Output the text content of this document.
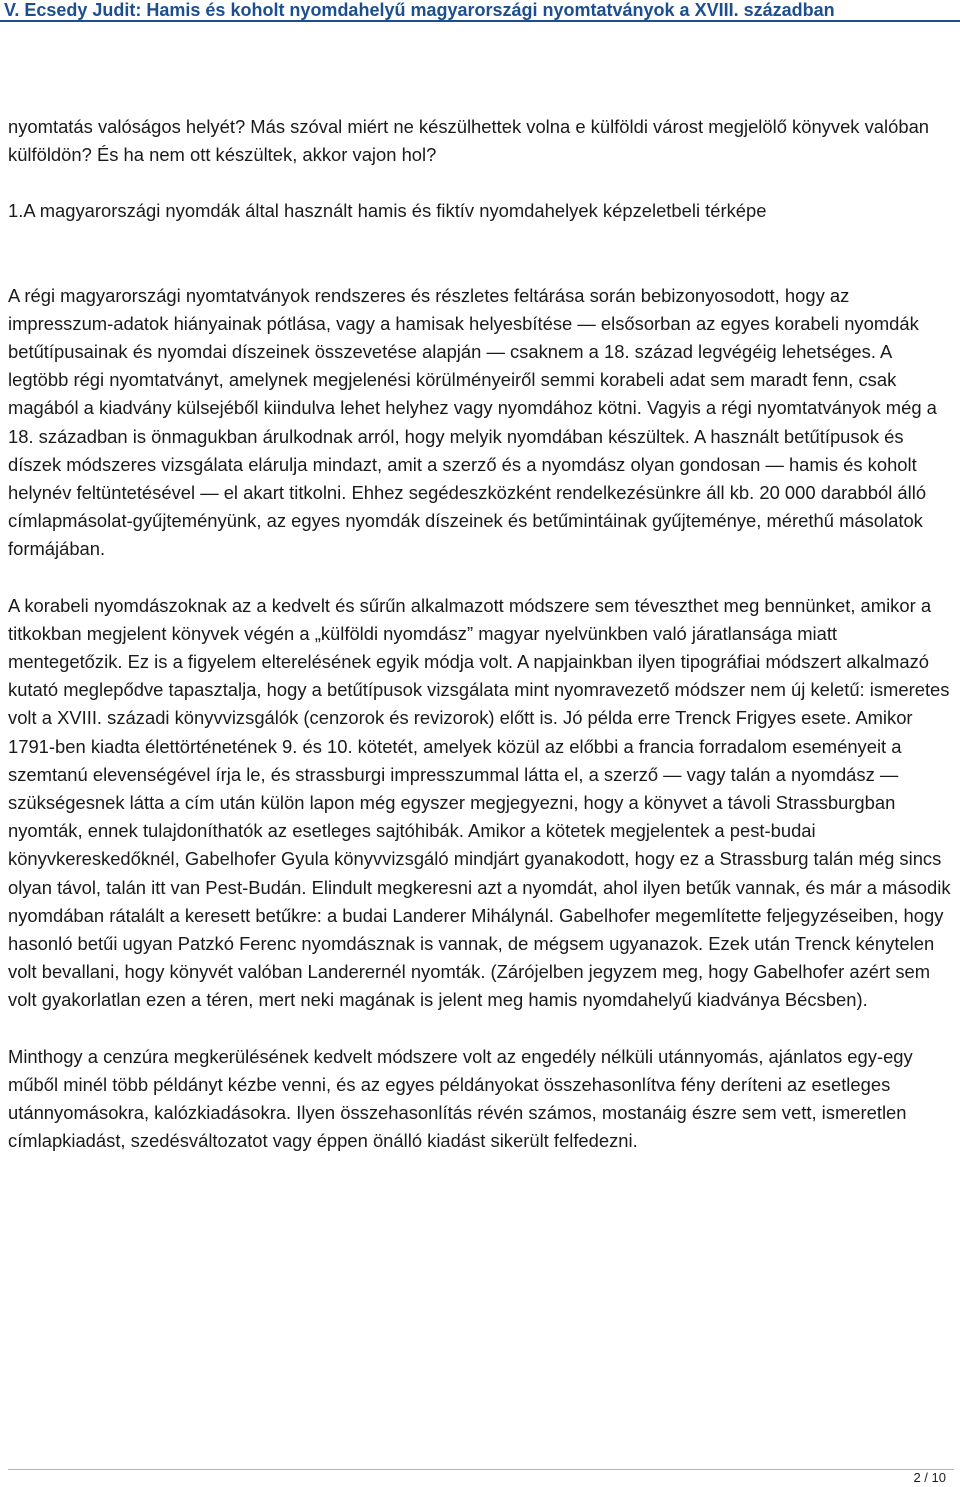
V. Ecsedy Judit: Hamis és koholt nyomdahelyű magyarországi nyomtatványok a XVIII. században

nyomtatás valóságos helyét? Más szóval miért ne készülhettek volna e külföldi várost megjelölő könyvek valóban külföldön? És ha nem ott készültek, akkor vajon hol?

1.A magyarországi nyomdák által használt hamis és fiktív nyomdahelyek képzeletbeli térképe

A régi magyarországi nyomtatványok rendszeres és részletes feltárása során bebizonyosodott, hogy az impresszum-adatok hiányainak pótlása, vagy a hamisak helyesbítése — elsősorban az egyes korabeli nyomdák betűtípusainak és nyomdai díszeinek összevetése alapján — csaknem a 18. század legvégéig lehetséges. A legtöbb régi nyomtatványt, amelynek megjelenési körülményeiről semmi korabeli adat sem maradt fenn, csak magából a kiadvány külsejéből kiindulva lehet helyhez vagy nyomdához kötni. Vagyis a régi nyomtatványok még a 18. században is önmagukban árulkodnak arról, hogy melyik nyomdában készültek. A használt betűtípusok és díszek módszeres vizsgálata elárulja mindazt, amit a szerző és a nyomdász olyan gondosan — hamis és koholt helynév feltüntetésével — el akart titkolni. Ehhez segédeszközként rendelkezésünkre áll kb. 20 000 darabból álló címlapmásolat-gyűjteményünk, az egyes nyomdák díszeinek és betűmintáinak gyűjteménye, mérethű másolatok formájában.

A korabeli nyomdászoknak az a kedvelt és sűrűn alkalmazott módszere sem téveszthet meg bennünket, amikor a titkokban megjelent könyvek végén a „külföldi nyomdász” magyar nyelvünkben való járatlansága miatt mentegetőzik. Ez is a figyelem elterelésének egyik módja volt. A napjainkban ilyen tipográfiai módszert alkalmazó kutató meglepődve tapasztalja, hogy a betűtípusok vizsgálata mint nyomravezető módszer nem új keletű: ismeretes volt a XVIII. századi könyvvizsgálók (cenzorok és revizorok) előtt is. Jó példa erre Trenck Frigyes esete. Amikor 1791-ben kiadta élettörténetének 9. és 10. kötetét, amelyek közül az előbbi a francia forradalom eseményeit a szemtanú elevenségével írja le, és strassburgi impresszummal látta el, a szerző — vagy talán a nyomdász — szükségesnek látta a cím után külön lapon még egyszer megjegyezni, hogy a könyvet a távoli Strassburgban nyomták, ennek tulajdoníthatók az esetleges sajtóhibák. Amikor a kötetek megjelentek a pest-budai könyvkereskedőknél, Gabelhofer Gyula könyvvizsgáló mindjárt gyanakodott, hogy ez a Strassburg talán még sincs olyan távol, talán itt van Pest-Budán. Elindult megkeresni azt a nyomdát, ahol ilyen betűk vannak, és már a második nyomdában rátalált a keresett betűkre: a budai Landerer Mihálynál. Gabelhofer megemlítette feljegyzéseiben, hogy hasonló betűi ugyan Patzkó Ferenc nyomdásznak is vannak, de mégsem ugyanazok. Ezek után Trenck kénytelen volt bevallani, hogy könyvét valóban Landerernél nyomták. (Zárójelben jegyzem meg, hogy Gabelhofer azért sem volt gyakorlatlan ezen a téren, mert neki magának is jelent meg hamis nyomdahelyű kiadványa Bécsben).

Minthogy a cenzúra megkerülésének kedvelt módszere volt az engedély nélküli utánnyomás, ajánlatos egy-egy műből minél több példányt kézbe venni, és az egyes példányokat összehasonlítva fény deríteni az esetleges utánnyomásokra, kalózkiadásokra. Ilyen összehasonlítás révén számos, mostanáig észre sem vett, ismeretlen címlapkiadást, szedésváltozatot vagy éppen önálló kiadást sikerült felfedezni.

2 / 10
